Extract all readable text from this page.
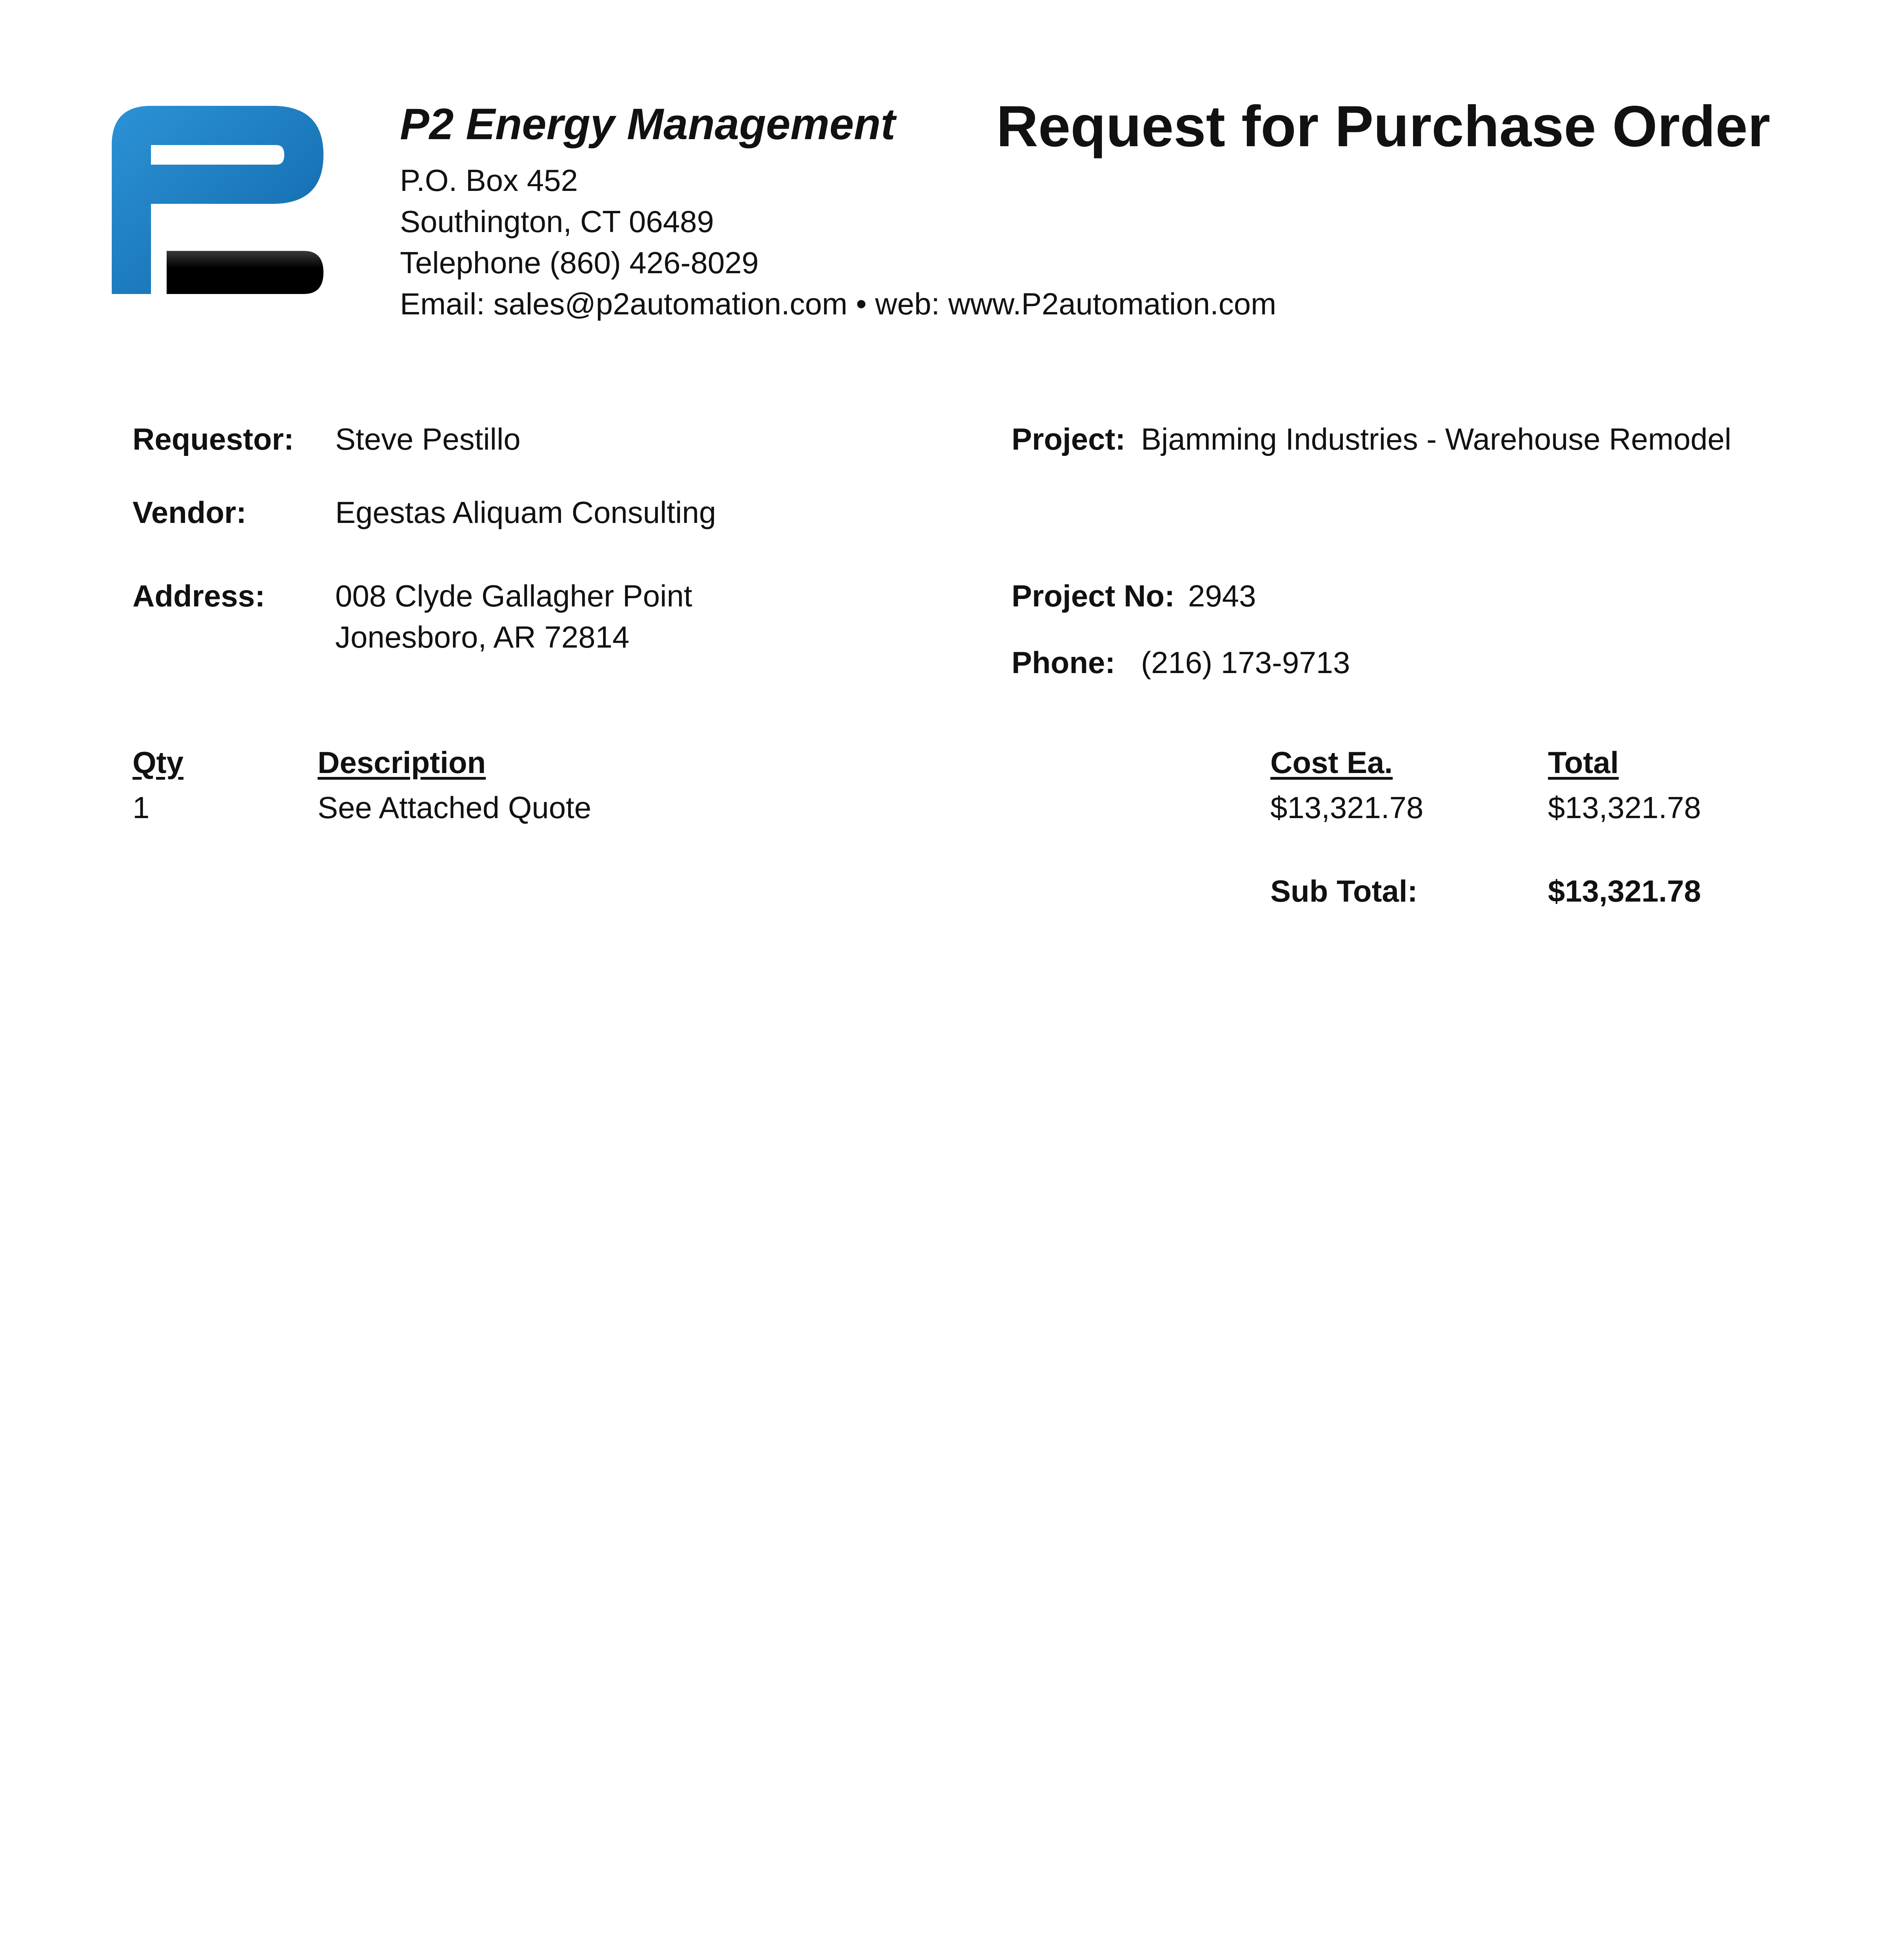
P2 Energy Management Request for Purchase Order
P.O. Box 452
Southington, CT 06489
Telephone (860) 426-8029
Email: sales@p2automation.com • web: www.P2automation.com
Requestor: Steve Pestillo
Vendor:	Egestas Aliquam Consulting
Address: 008 Clyde Gallagher Point
Jonesboro, AR 72814
Project: Bjamming Industries - Warehouse Remodel
Project No: 2943
Phone: (216) 173-9713
Qty	Description	Cost Ea.	Total
1	See Attached Quote	$13,321.78	$13,321.78
Sub Total:	$13,321.78
